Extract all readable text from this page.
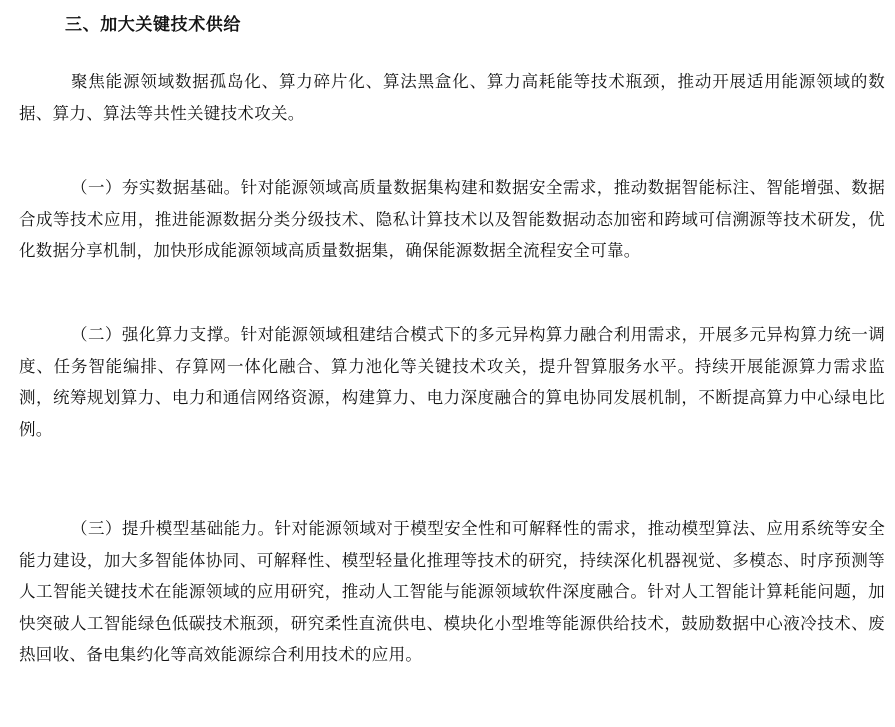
三、加大关键技术供给

聚焦能源领域数据孤岛化、算力碎片化、算法黑盒化、算力高耗能等技术瓶颈，推动开展适用能源领域的数据、算力、算法等共性关键技术攻关。

（一）夯实数据基础。针对能源领域高质量数据集构建和数据安全需求，推动数据智能标注、智能增强、数据合成等技术应用，推进能源数据分类分级技术、隐私计算技术以及智能数据动态加密和跨域可信溯源等技术研发，优化数据分享机制，加快形成能源领域高质量数据集，确保能源数据全流程安全可靠。

（二）强化算力支撑。针对能源领域租建结合模式下的多元异构算力融合利用需求，开展多元异构算力统一调度、任务智能编排、存算网一体化融合、算力池化等关键技术攻关，提升智算服务水平。持续开展能源算力需求监测，统筹规划算力、电力和通信网络资源，构建算力、电力深度融合的算电协同发展机制，不断提高算力中心绿电比例。

（三）提升模型基础能力。针对能源领域对于模型安全性和可解释性的需求，推动模型算法、应用系统等安全能力建设，加大多智能体协同、可解释性、模型轻量化推理等技术的研究，持续深化机器视觉、多模态、时序预测等人工智能关键技术在能源领域的应用研究，推动人工智能与能源领域软件深度融合。针对人工智能计算耗能问题，加快突破人工智能绿色低碳技术瓶颈，研究柔性直流供电、模块化小型堆等能源供给技术，鼓励数据中心液冷技术、废热回收、备电集约化等高效能源综合利用技术的应用。
